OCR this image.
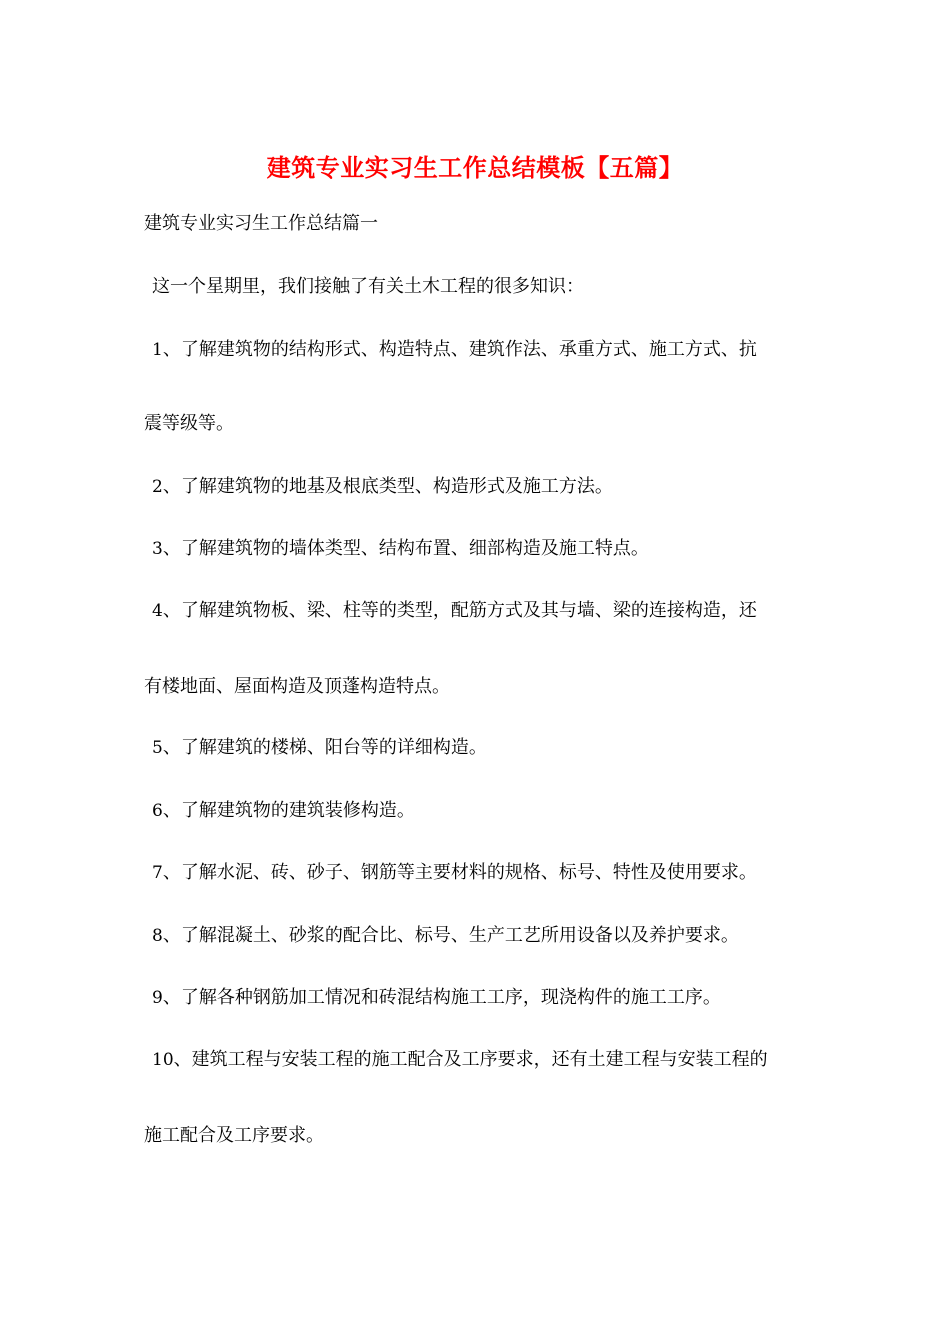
建筑专业实习生工作总结模板【五篇】
建筑专业实习生工作总结篇一
这一个星期里，我们接触了有关土木工程的很多知识：
1、了解建筑物的结构形式、构造特点、建筑作法、承重方式、施工方式、抗
震等级等。
2、了解建筑物的地基及根底类型、构造形式及施工方法。
3、了解建筑物的墙体类型、结构布置、细部构造及施工特点。
4、了解建筑物板、梁、柱等的类型，配筋方式及其与墙、梁的连接构造，还
有楼地面、屋面构造及顶蓬构造特点。
5、了解建筑的楼梯、阳台等的详细构造。
6、了解建筑物的建筑装修构造。
7、了解水泥、砖、砂子、钢筋等主要材料的规格、标号、特性及使用要求。
8、了解混凝土、砂浆的配合比、标号、生产工艺所用设备以及养护要求。
9、了解各种钢筋加工情况和砖混结构施工工序，现浇构件的施工工序。
10、建筑工程与安装工程的施工配合及工序要求，还有土建工程与安装工程的
施工配合及工序要求。
